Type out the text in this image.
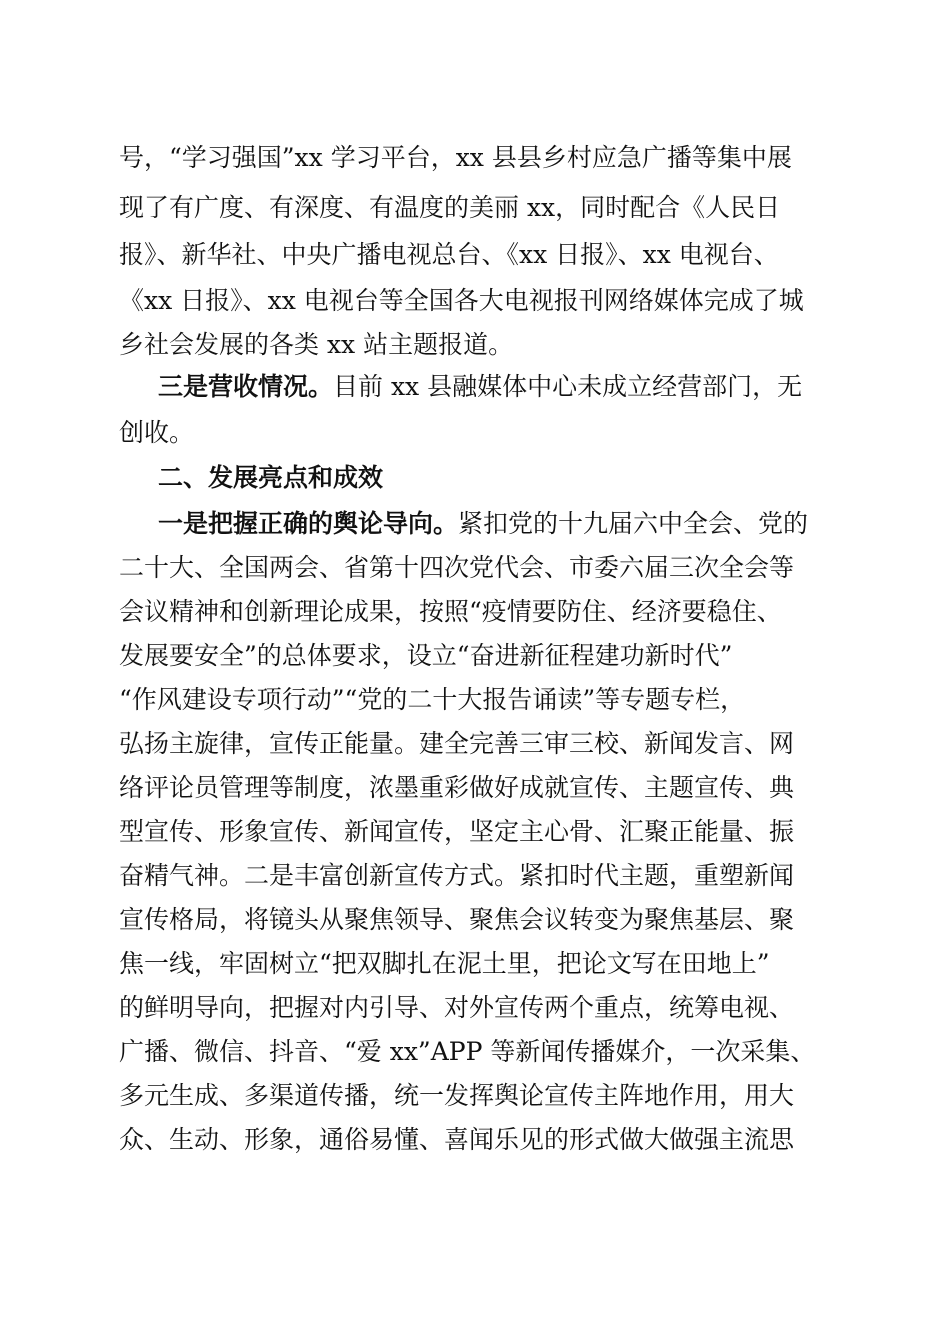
号，“学习强国”xx 学习平台，xx 县县乡村应急广播等集中展
现了有广度、有深度、有温度的美丽 xx，同时配合《人民日
报》、新华社、中央广播电视总台、《xx 日报》、xx 电视台、
《xx 日报》、xx 电视台等全国各大电视报刊网络媒体完成了城
乡社会发展的各类 xx 站主题报道。
三是营收情况。目前 xx 县融媒体中心未成立经营部门，无
创收。
二、发展亮点和成效
一是把握正确的舆论导向。紧扣党的十九届六中全会、党的
二十大、全国两会、省第十四次党代会、市委六届三次全会等
会议精神和创新理论成果，按照“疫情要防住、经济要稳住、
发展要安全”的总体要求，设立“奋进新征程建功新时代”
“作风建设专项行动”“党的二十大报告诵读”等专题专栏，
弘扬主旋律，宣传正能量。建全完善三审三校、新闻发言、网
络评论员管理等制度，浓墨重彩做好成就宣传、主题宣传、典
型宣传、形象宣传、新闻宣传，坚定主心骨、汇聚正能量、振
奋精气神。二是丰富创新宣传方式。紧扣时代主题，重塑新闻
宣传格局，将镜头从聚焦领导、聚焦会议转变为聚焦基层、聚
焦一线，牢固树立“把双脚扎在泥土里，把论文写在田地上”
的鲜明导向，把握对内引导、对外宣传两个重点，统筹电视、
广播、微信、抖音、“爱 xx”APP 等新闻传播媒介，一次采集、
多元生成、多渠道传播，统一发挥舆论宣传主阵地作用，用大
众、生动、形象，通俗易懂、喜闻乐见的形式做大做强主流思
